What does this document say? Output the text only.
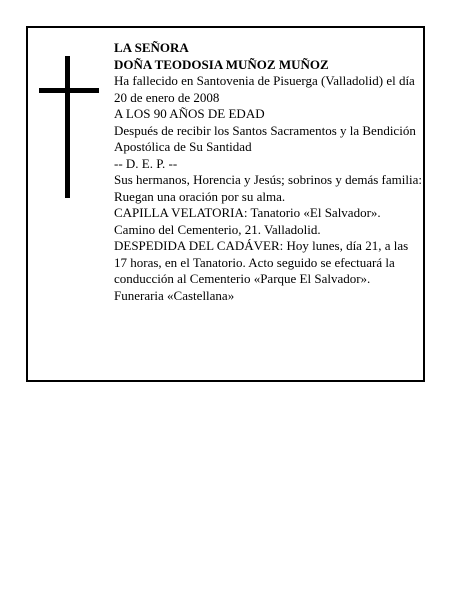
LA SEÑORA

DOÑA TEODOSIA MUÑOZ MUÑOZ

Ha fallecido en Santovenia de Pisuerga (Valladolid) el día 20 de enero de 2008

A LOS 90 AÑOS DE EDAD

Después de recibir los Santos Sacramentos y la Bendición Apostólica de Su Santidad

-- D. E. P. --

Sus hermanos, Horencia y Jesús; sobrinos y demás familia:

Ruegan una oración por su alma.

CAPILLA VELATORIA: Tanatorio «El Salvador». Camino del Cementerio, 21. Valladolid.

DESPEDIDA DEL CADÁVER: Hoy lunes, día 21, a las 17 horas, en el Tanatorio. Acto seguido se efectuará la conducción al Cementerio «Parque El Salvador».

Funeraria «Castellana»
